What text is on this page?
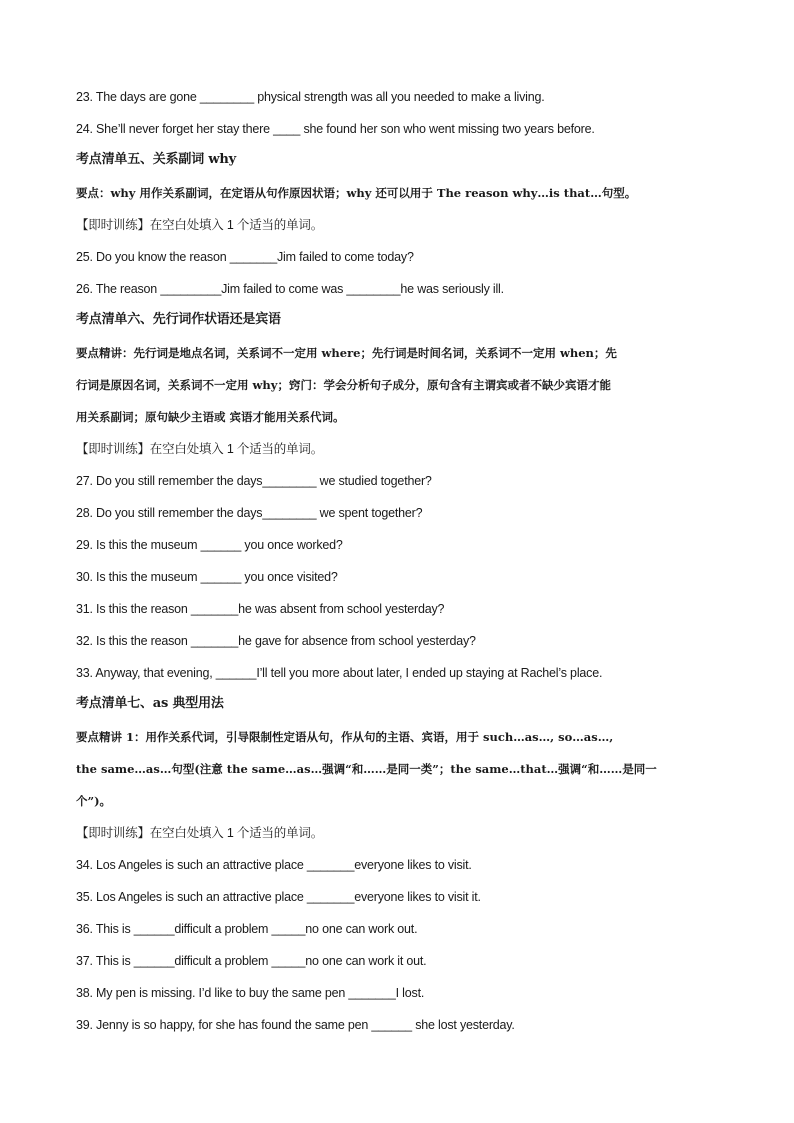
23. The days are gone ________ physical strength was all you needed to make a living.
24. She’ll never forget her stay there ____ she found her son who went missing two years before.
考点清单五、关系副词 why
要点：why 用作关系副词，在定语从句作原因状语；why 还可以用于 The reason why…is that…句型。
【即时训练】在空白处填入 1 个适当的单词。
25. Do you know the reason _______Jim failed to come today?
26. The reason _________Jim failed to come was ________he was seriously ill.
考点清单六、先行词作状语还是宾语
要点精讲：先行词是地点名词，关系词不一定用 where；先行词是时间名词，关系词不一定用 when；先
行词是原因名词，关系词不一定用 why；窍门：学会分析句子成分，原句含有主谓宾或者不缺少宾语才能
用关系副词；原句缺少主语或 宾语才能用关系代词。
【即时训练】在空白处填入 1 个适当的单词。
27. Do you still remember the days________ we studied together?
28. Do you still remember the days________ we spent together?
29. Is this the museum ______ you once worked?
30. Is this the museum ______ you once visited?
31. Is this the reason _______he was absent from school yesterday?
32. Is this the reason _______he gave for absence from school yesterday?
33. Anyway, that evening, ______I’ll tell you more about later, I ended up staying at Rachel’s place.
考点清单七、as 典型用法
要点精讲 1：用作关系代词，引导限制性定语从句，作从句的主语、宾语，用于 such…as…, so…as…,
the same…as…句型(注意 the same…as…强调“和……是同一类”；the same…that…强调“和……是同一
个”)。
【即时训练】在空白处填入 1 个适当的单词。
34. Los Angeles is such an attractive place _______everyone likes to visit.
35. Los Angeles is such an attractive place _______everyone likes to visit it.
36. This is ______difficult a problem _____no one can work out.
37. This is ______difficult a problem _____no one can work it out.
38. My pen is missing. I’d like to buy the same pen _______I lost.
39. Jenny is so happy, for she has found the same pen ______ she lost yesterday.
